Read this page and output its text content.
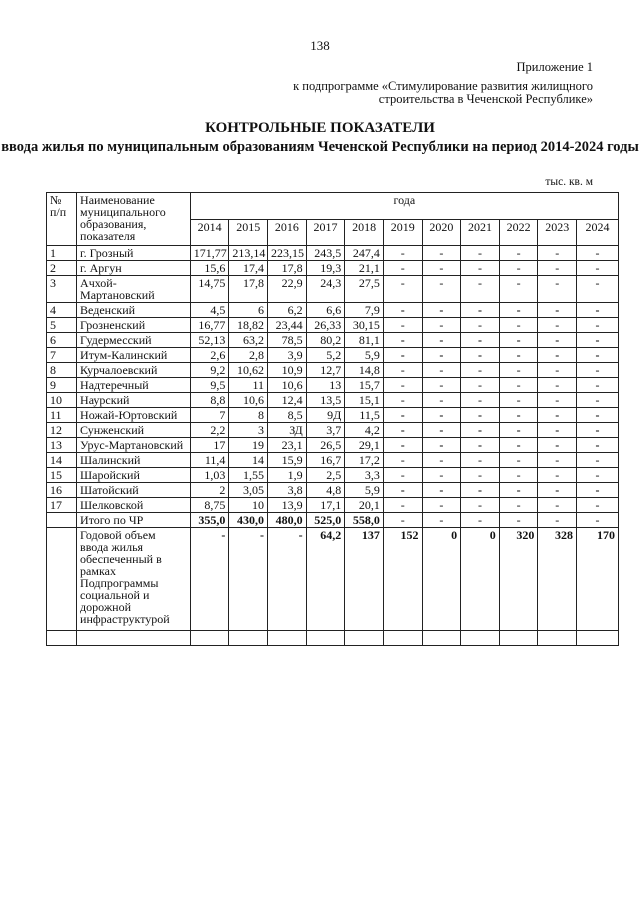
138
Приложение 1
к подпрограмме «Стимулирование развития жилищного строительства в Чеченской Республике»
КОНТРОЛЬНЫЕ ПОКАЗАТЕЛИ
ввода жилья по муниципальным образованиям Чеченской Республики на период 2014-2024 годы
тыс. кв. м
№ п/п	Наименование муниципального образования, показателя	года										
		2014	2015	2016	2017	2018	2019	2020	2021	2022	2023	2024
1	г. Грозный	171,77	213,14	223,15	243,5	247,4	-	-	-	-	-	-
2	г. Аргун	15,6	17,4	17,8	19,3	21,1	-	-	-	-	-	-
3	Ачхой-Мартановский	14,75	17,8	22,9	24,3	27,5	-	-	-	-	-	-
4	Веденский	4,5	6	6,2	6,6	7,9	-	-	-	-	-	-
5	Грозненский	16,77	18,82	23,44	26,33	30,15	-	-	-	-	-	-
6	Гудермесский	52,13	63,2	78,5	80,2	81,1	-	-	-	-	-	-
7	Итум-Калинский	2,6	2,8	3,9	5,2	5,9	-	-	-	-	-	-
8	Курчалоевский	9,2	10,62	10,9	12,7	14,8	-	-	-	-	-	-
9	Надтеречный	9,5	11	10,6	13	15,7	-	-	-	-	-	-
10	Наурский	8,8	10,6	12,4	13,5	15,1	-	-	-	-	-	-
11	Ножай-Юртовский	7	8	8,5	9Д	11,5	-	-	-	-	-	-
12	Сунженский	2,2	3	ЗД	3,7	4,2	-	-	-	-	-	-
13	Урус-Мартановский	17	19	23,1	26,5	29,1	-	-	-	-	-	-
14	Шалинский	11,4	14	15,9	16,7	17,2	-	-	-	-	-	-
15	Шаройский	1,03	1,55	1,9	2,5	3,3	-	-	-	-	-	-
16	Шатойский	2	3,05	3,8	4,8	5,9	-	-	-	-	-	-
17	Шелковской	8,75	10	13,9	17,1	20,1	-	-	-	-	-	-
	Итого по ЧР	355,0	430,0	480,0	525,0	558,0	-	-	-	-	-	-
	Годовой объем ввода жилья обеспеченный в рамках Подпрограммы социальной и дорожной инфраструктурой	-	-	-	64,2	137	152	0	0	320	328	170
